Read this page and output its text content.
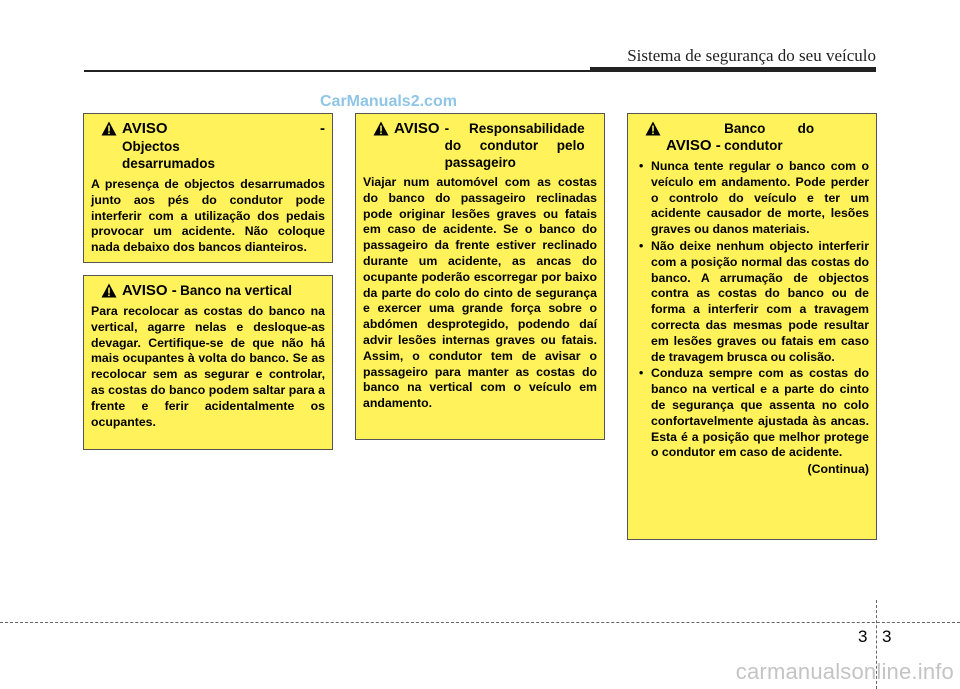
Sistema de segurança do seu veículo
CarManuals2.com
AVISO - Objectos desarrumados
A presença de objectos desarrumados junto aos pés do condutor pode interferir com a utilização dos pedais provocar um acidente. Não coloque nada debaixo dos bancos dianteiros.
AVISO - Banco na vertical
Para recolocar as costas do banco na vertical, agarre nelas e desloque-as devagar. Certifique-se de que não há mais ocupantes à volta do banco. Se as recolocar sem as segurar e controlar, as costas do banco podem saltar para a frente e ferir acidentalmente os ocupantes.
AVISO - Responsabilidade do condutor pelo passageiro
Viajar num automóvel com as costas do banco do passageiro reclinadas pode originar lesões graves ou fatais em caso de acidente. Se o banco do passageiro da frente estiver reclinado durante um acidente, as ancas do ocupante poderão escorregar por baixo da parte do colo do cinto de segurança e exercer uma grande força sobre o abdómen desprotegido, podendo daí advir lesões internas graves ou fatais. Assim, o condutor tem de avisar o passageiro para manter as costas do banco na vertical com o veículo em andamento.
AVISO - Banco do condutor
• Nunca tente regular o banco com o veículo em andamento. Pode perder o controlo do veículo e ter um acidente causador de morte, lesões graves ou danos materiais.
• Não deixe nenhum objecto interferir com a posição normal das costas do banco. A arrumação de objectos contra as costas do banco ou de forma a interferir com a travagem correcta das mesmas pode resultar em lesões graves ou fatais em caso de travagem brusca ou colisão.
• Conduza sempre com as costas do banco na vertical e a parte do cinto de segurança que assenta no colo confortavelmente ajustada às ancas. Esta é a posição que melhor protege o condutor em caso de acidente.
(Continua)
3 3
carmanualsonline.info
